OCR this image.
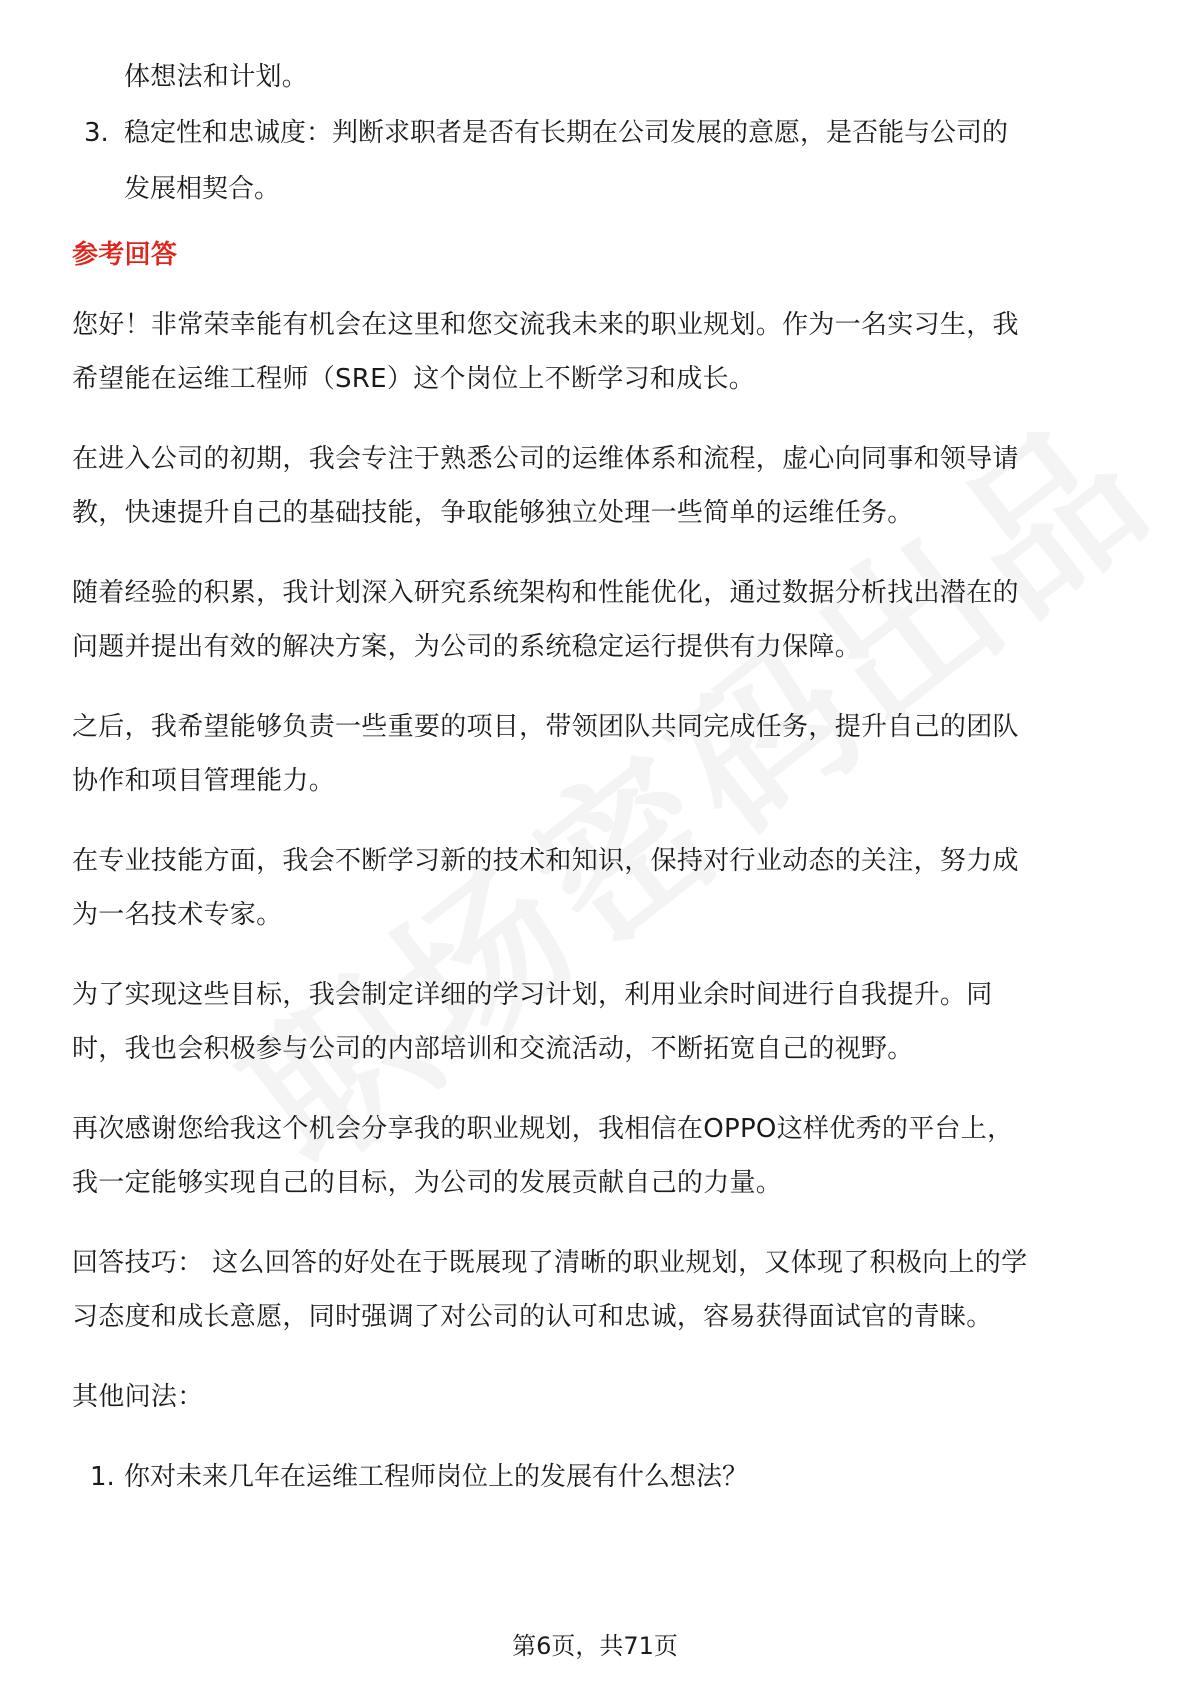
体想法和计划。
3. 稳定性和忠诚度：判断求职者是否有长期在公司发展的意愿，是否能与公司的
发展相契合。
参考回答
您好！非常荣幸能有机会在这里和您交流我未来的职业规划。作为一名实习生，我
希望能在运维工程师（SRE）这个岗位上不断学习和成长。
在进入公司的初期，我会专注于熟悉公司的运维体系和流程，虚心向同事和领导请
教，快速提升自己的基础技能，争取能够独立处理一些简单的运维任务。
随着经验的积累，我计划深入研究系统架构和性能优化，通过数据分析找出潜在的
问题并提出有效的解决方案，为公司的系统稳定运行提供有力保障。
之后，我希望能够负责一些重要的项目，带领团队共同完成任务，提升自己的团队
协作和项目管理能力。
在专业技能方面，我会不断学习新的技术和知识，保持对行业动态的关注，努力成
为一名技术专家。
为了实现这些目标，我会制定详细的学习计划，利用业余时间进行自我提升。同
时，我也会积极参与公司的内部培训和交流活动，不断拓宽自己的视野。
再次感谢您给我这个机会分享我的职业规划，我相信在OPPO这样优秀的平台上，
我一定能够实现自己的目标，为公司的发展贡献自己的力量。
回答技巧： 这么回答的好处在于既展现了清晰的职业规划，又体现了积极向上的学
习态度和成长意愿，同时强调了对公司的认可和忠诚，容易获得面试官的青睐。
其他问法：
1. 你对未来几年在运维工程师岗位上的发展有什么想法？
第6页，共71页
